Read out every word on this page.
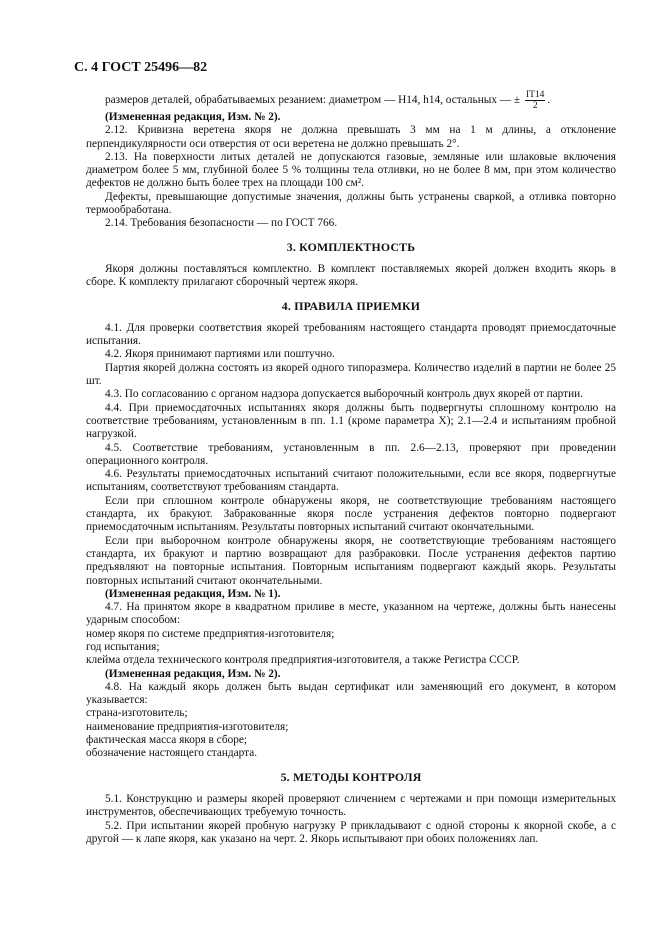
С. 4 ГОСТ 25496—82

размеров деталей, обрабатываемых резанием: диаметром — H14, h14, остальных — ± $\frac{IT14}{2}$ .

(Измененная редакция, Изм. № 2).

2.12. Кривизна веретена якоря не должна превышать 3 мм на 1 м длины, а отклонение перпендикулярности оси отверстия от оси веретена не должно превышать 2°.

2.13. На поверхности литых деталей не допускаются газовые, земляные или шлаковые включения диаметром более 5 мм, глубиной более 5 % толщины тела отливки, но не более 8 мм, при этом количество дефектов не должно быть более трех на площади 100 см².

Дефекты, превышающие допустимые значения, должны быть устранены сваркой, а отливка повторно термообработана.

2.14. Требования безопасности — по ГОСТ 766.

3. КОМПЛЕКТНОСТЬ

Якоря должны поставляться комплектно. В комплект поставляемых якорей должен входить якорь в сборе. К комплекту прилагают сборочный чертеж якоря.

4. ПРАВИЛА ПРИЕМКИ

4.1. Для проверки соответствия якорей требованиям настоящего стандарта проводят приемосдаточные испытания.

4.2. Якоря принимают партиями или поштучно.

Партия якорей должна состоять из якорей одного типоразмера. Количество изделий в партии не более 25 шт.

4.3. По согласованию с органом надзора допускается выборочный контроль двух якорей от партии.

4.4. При приемосдаточных испытаниях якоря должны быть подвергнуты сплошному контролю на соответствие требованиям, установленным в пп. 1.1 (кроме параметра X); 2.1—2.4 и испытаниям пробной нагрузкой.

4.5. Соответствие требованиям, установленным в пп. 2.6—2.13, проверяют при проведении операционного контроля.

4.6. Результаты приемосдаточных испытаний считают положительными, если все якоря, подвергнутые испытаниям, соответствуют требованиям стандарта.

Если при сплошном контроле обнаружены якоря, не соответствующие требованиям настоящего стандарта, их бракуют. Забракованные якоря после устранения дефектов повторно подвергают приемосдаточным испытаниям. Результаты повторных испытаний считают окончательными.

Если при выборочном контроле обнаружены якоря, не соответствующие требованиям настоящего стандарта, их бракуют и партию возвращают для разбраковки. После устранения дефектов партию предъявляют на повторные испытания. Повторным испытаниям подвергают каждый якорь. Результаты повторных испытаний считают окончательными.

(Измененная редакция, Изм. № 1).

4.7. На принятом якоре в квадратном приливе в месте, указанном на чертеже, должны быть нанесены ударным способом:

номер якоря по системе предприятия-изготовителя;

год испытания;

клейма отдела технического контроля предприятия-изготовителя, а также Регистра СССР.

(Измененная редакция, Изм. № 2).

4.8. На каждый якорь должен быть выдан сертификат или заменяющий его документ, в котором указывается:

страна-изготовитель;

наименование предприятия-изготовителя;

фактическая масса якоря в сборе;

обозначение настоящего стандарта.

5. МЕТОДЫ КОНТРОЛЯ

5.1. Конструкцию и размеры якорей проверяют сличением с чертежами и при помощи измерительных инструментов, обеспечивающих требуемую точность.

5.2. При испытании якорей пробную нагрузку P прикладывают с одной стороны к якорной скобе, а с другой — к лапе якоря, как указано на черт. 2. Якорь испытывают при обоих положениях лап.
